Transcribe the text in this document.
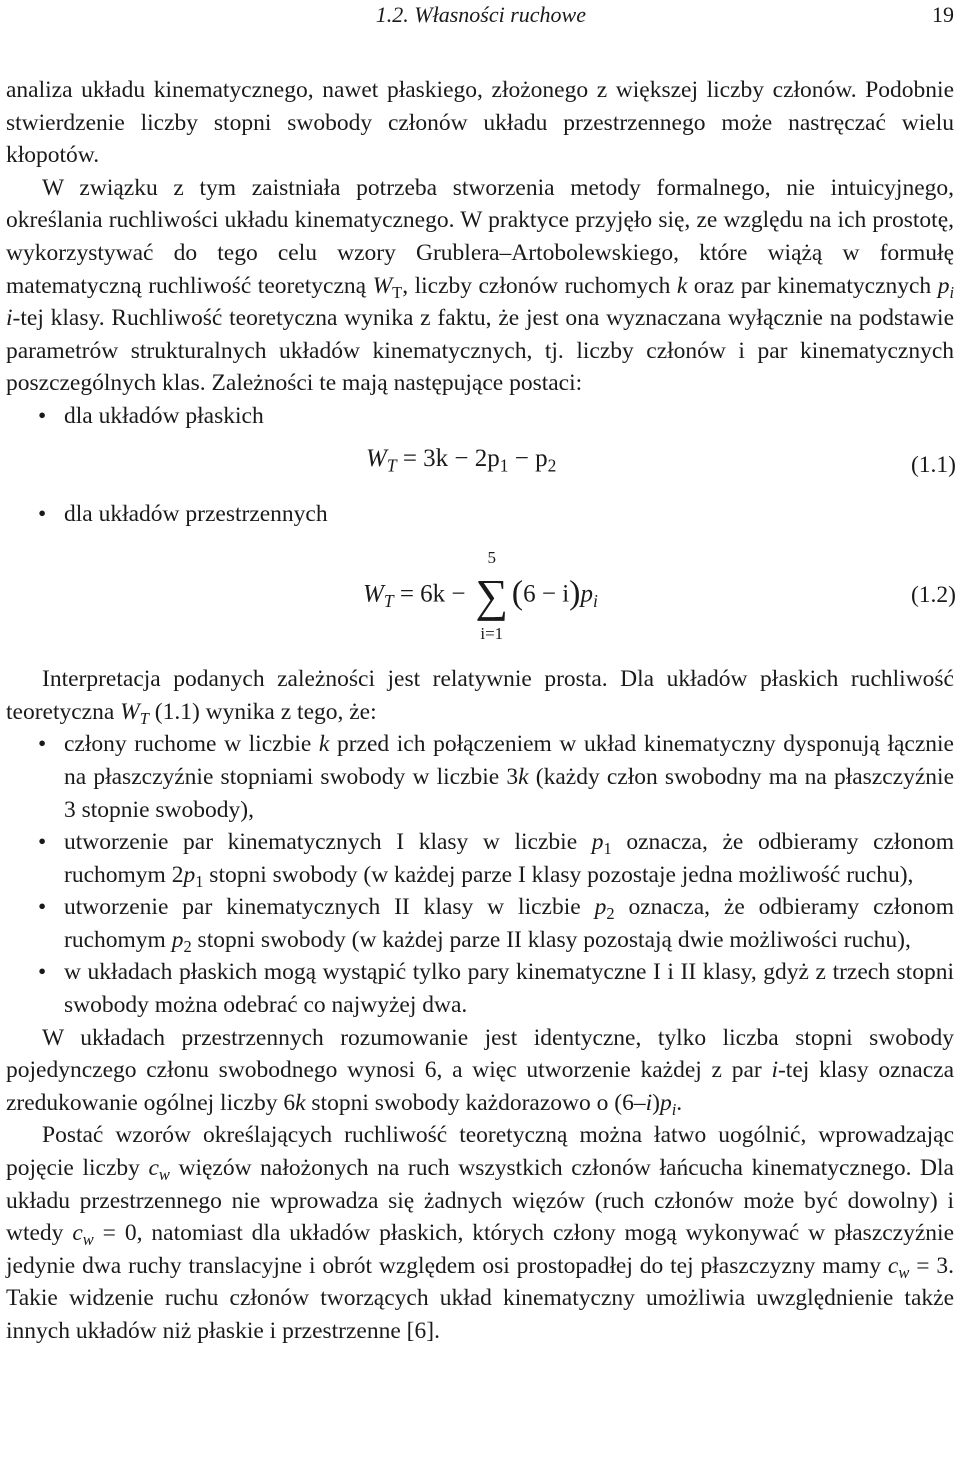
1.2. Własności ruchowe	19

analiza układu kinematycznego, nawet płaskiego, złożonego z większej liczby członów. Podobnie stwierdzenie liczby stopni swobody członów układu przestrzennego może nastręczać wielu kłopotów.

W związku z tym zaistniała potrzeba stworzenia metody formalnego, nie intuicyjnego, określania ruchliwości układu kinematycznego. W praktyce przyjęło się, ze względu na ich prostotę, wykorzystywać do tego celu wzory Grublera–Artobolewskiego, które wiążą w formułę matematyczną ruchliwość teoretyczną $W_T$, liczby członów ruchomych k oraz par kinematycznych $p_i$ i-tej klasy. Ruchliwość teoretyczna wynika z faktu, że jest ona wyznaczana wyłącznie na podstawie parametrów strukturalnych układów kinematycznych, tj. liczby członów i par kinematycznych poszczególnych klas. Zależności te mają następujące postaci:

• dla układów płaskich
$W_T = 3k - 2p_1 - p_2$	(1.1)
• dla układów przestrzennych
$W_T = 6k$ −
5
∑
i=1
$(6 - i)p_i$	(1.2)

Interpretacja podanych zależności jest relatywnie prosta. Dla układów płaskich ruchliwość teoretyczna $W_T$ (1.1) wynika z tego, że:

• człony ruchome w liczbie k przed ich połączeniem w układ kinematyczny dysponują łącznie na płaszczyźnie stopniami swobody w liczbie 3k (każdy człon swobodny ma na płaszczyźnie 3 stopnie swobody),
• utworzenie par kinematycznych I klasy w liczbie $p_1$ oznacza, że odbieramy członom ruchomym $2p_1$ stopni swobody (w każdej parze I klasy pozostaje jedna możliwość ruchu),
• utworzenie par kinematycznych II klasy w liczbie $p_2$ oznacza, że odbieramy członom ruchomym $p_2$ stopni swobody (w każdej parze II klasy pozostają dwie możliwości ruchu),
• w układach płaskich mogą wystąpić tylko pary kinematyczne I i II klasy, gdyż z trzech stopni swobody można odebrać co najwyżej dwa.

W układach przestrzennych rozumowanie jest identyczne, tylko liczba stopni swobody pojedynczego członu swobodnego wynosi 6, a więc utworzenie każdej z par i-tej klasy oznacza zredukowanie ogólnej liczby 6k stopni swobody każdorazowo o $(6-i)p_i$.

Postać wzorów określających ruchliwość teoretyczną można łatwo uogólnić, wprowadzając pojęcie liczby $c_w$ więzów nałożonych na ruch wszystkich członów łańcucha kinematycznego. Dla układu przestrzennego nie wprowadza się żadnych więzów (ruch członów może być dowolny) i wtedy $c_w = 0$, natomiast dla układów płaskich, których człony mogą wykonywać w płaszczyźnie jedynie dwa ruchy translacyjne i obrót względem osi prostopadłej do tej płaszczyzny mamy $c_w = 3$. Takie widzenie ruchu członów tworzących układ kinematyczny umożliwia uwzględnienie także innych układów niż płaskie i przestrzenne [6].
